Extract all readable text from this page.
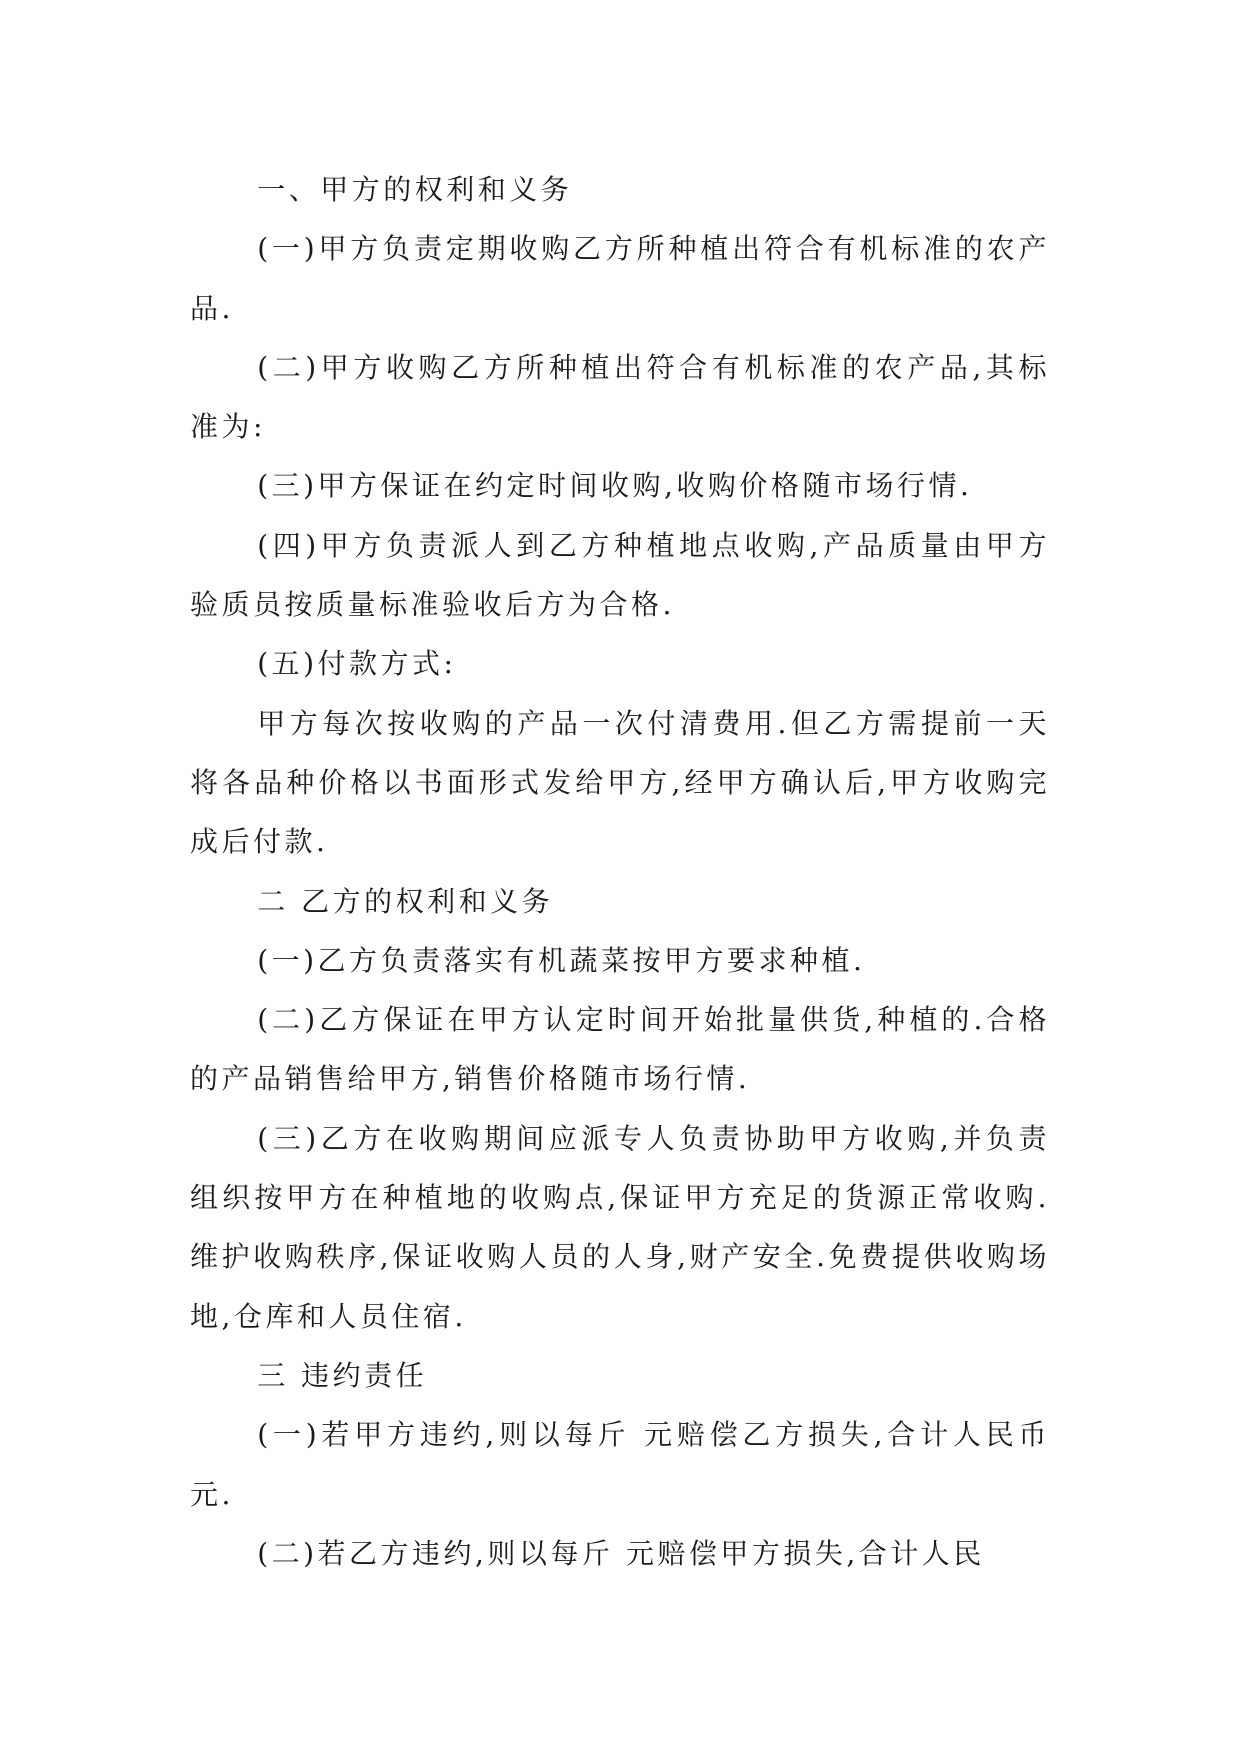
一、甲方的权利和义务

(一)甲方负责定期收购乙方所种植出符合有机标准的农产品.

(二)甲方收购乙方所种植出符合有机标准的农产品,其标准为:

(三)甲方保证在约定时间收购,收购价格随市场行情.

(四)甲方负责派人到乙方种植地点收购,产品质量由甲方验质员按质量标准验收后方为合格.

(五)付款方式:

甲方每次按收购的产品一次付清费用.但乙方需提前一天将各品种价格以书面形式发给甲方,经甲方确认后,甲方收购完成后付款.

二 乙方的权利和义务

(一)乙方负责落实有机蔬菜按甲方要求种植.

(二)乙方保证在甲方认定时间开始批量供货,种植的.合格的产品销售给甲方,销售价格随市场行情.

(三)乙方在收购期间应派专人负责协助甲方收购,并负责组织按甲方在种植地的收购点,保证甲方充足的货源正常收购.维护收购秩序,保证收购人员的人身,财产安全.免费提供收购场地,仓库和人员住宿.

三 违约责任

(一)若甲方违约,则以每斤 元赔偿乙方损失,合计人民币 元.

(二)若乙方违约,则以每斤 元赔偿甲方损失,合计人民
